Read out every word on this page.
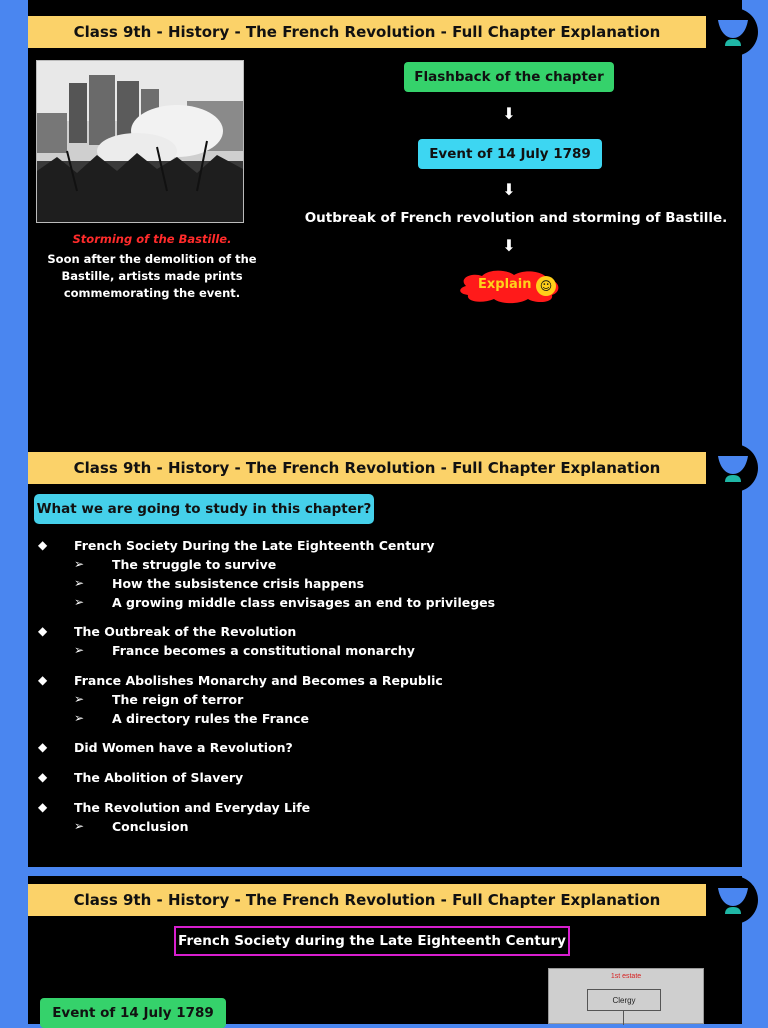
Class 9th - History - The French Revolution - Full Chapter Explanation
Storming of the Bastille.
Soon after the demolition of the Bastille, artists made prints commemorating the event.
Flashback of the chapter
⬇
Event of 14 July 1789
⬇
Outbreak of French revolution and storming of Bastille.
⬇
Explain ☺
Class 9th - History - The French Revolution - Full Chapter Explanation
What we are going to study in this chapter?
◆ French Society During the Late Eighteenth Century
➢ The struggle to survive
➢ How the subsistence crisis happens
➢ A growing middle class envisages an end to privileges
◆ The Outbreak of the Revolution
➢ France becomes a constitutional monarchy
◆ France Abolishes Monarchy and Becomes a Republic
➢ The reign of terror
➢ A directory rules the France
◆ Did Women have a Revolution?
◆ The Abolition of Slavery
◆ The Revolution and Everyday Life
➢ Conclusion
Class 9th - History - The French Revolution - Full Chapter Explanation
French Society during the Late Eighteenth Century
Event of 14 July 1789
1st estate
Clergy
